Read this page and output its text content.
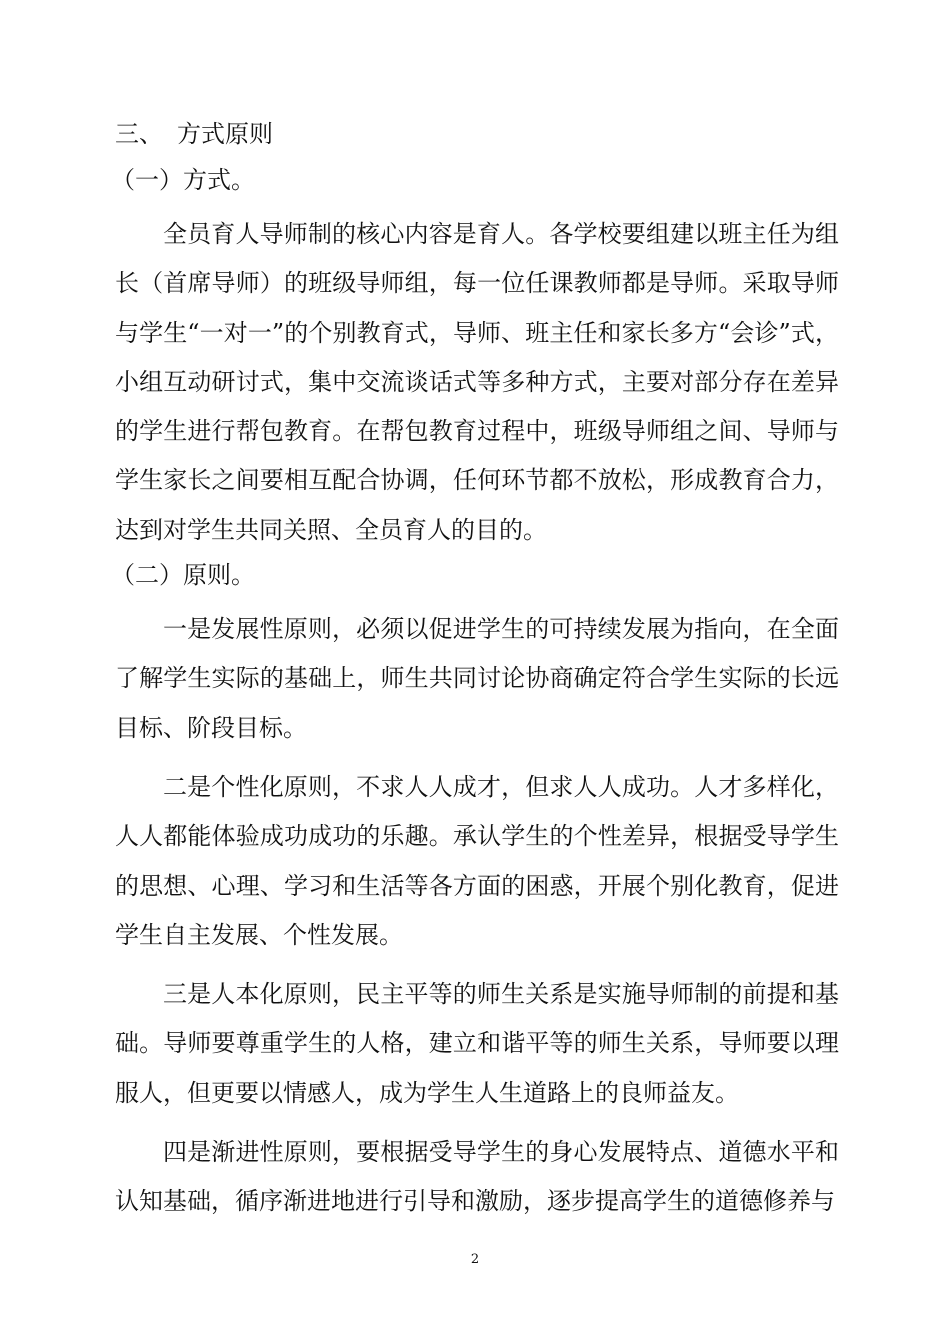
三、 方式原则
（一）方式。

全员育人导师制的核心内容是育人。各学校要组建以班主任为组长（首席导师）的班级导师组，每一位任课教师都是导师。采取导师与学生“一对一”的个别教育式，导师、班主任和家长多方“会诊”式，小组互动研讨式，集中交流谈话式等多种方式，主要对部分存在差异的学生进行帮包教育。在帮包教育过程中，班级导师组之间、导师与学生家长之间要相互配合协调，任何环节都不放松，形成教育合力，达到对学生共同关照、全员育人的目的。

（二）原则。

一是发展性原则，必须以促进学生的可持续发展为指向，在全面了解学生实际的基础上，师生共同讨论协商确定符合学生实际的长远目标、阶段目标。

二是个性化原则，不求人人成才，但求人人成功。人才多样化，人人都能体验成功成功的乐趣。承认学生的个性差异，根据受导学生的思想、心理、学习和生活等各方面的困惑，开展个别化教育，促进学生自主发展、个性发展。

三是人本化原则，民主平等的师生关系是实施导师制的前提和基础。导师要尊重学生的人格，建立和谐平等的师生关系，导师要以理服人，但更要以情感人，成为学生人生道路上的良师益友。

四是渐进性原则，要根据受导学生的身心发展特点、道德水平和认知基础，循序渐进地进行引导和激励，逐步提高学生的道德修养与

2
